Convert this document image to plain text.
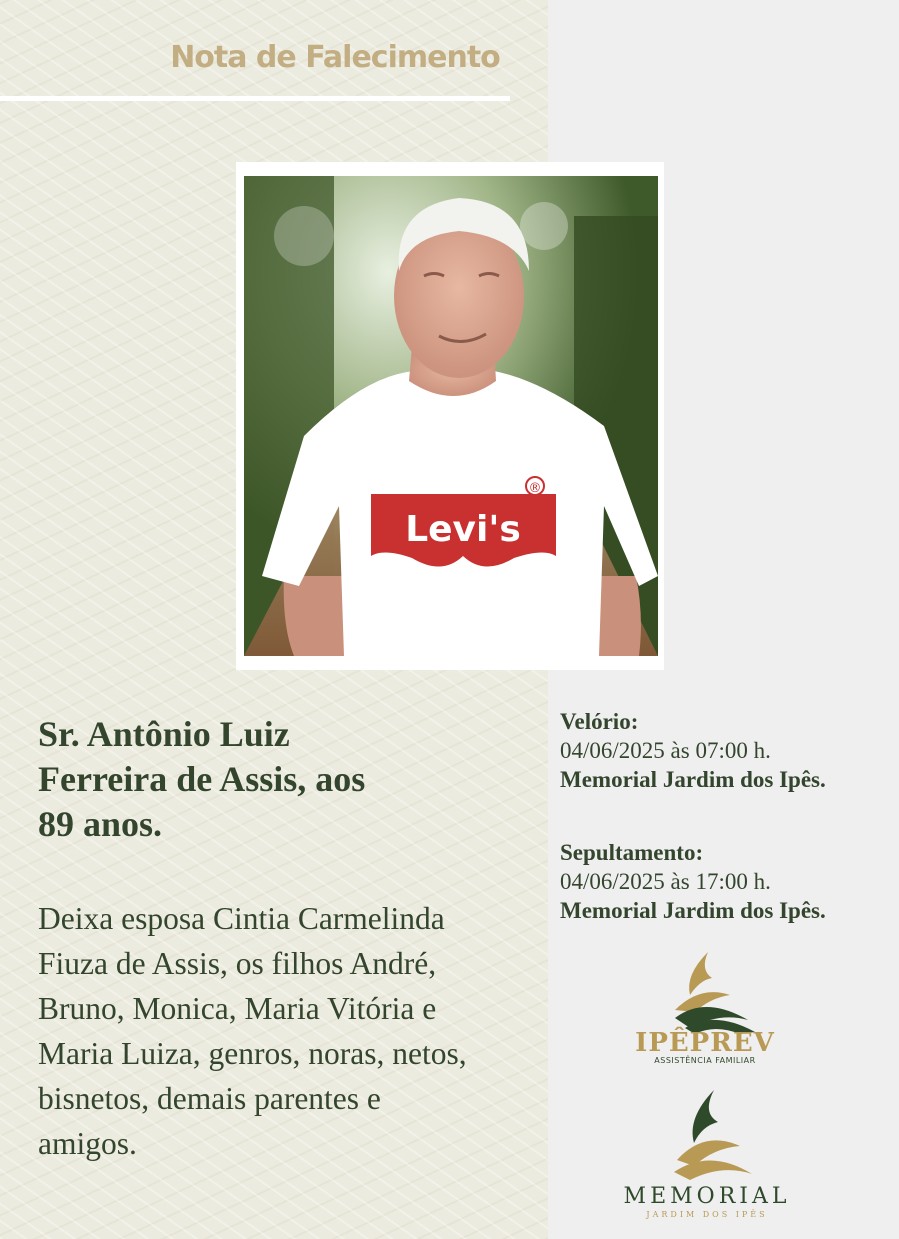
Nota de Falecimento
Levi's
®
Sr. Antônio Luiz
Ferreira de Assis, aos
89 anos.
Deixa esposa Cintia Carmelinda
Fiuza de Assis, os filhos André,
Bruno, Monica, Maria Vitória e
Maria Luiza, genros, noras, netos,
bisnetos, demais parentes e
amigos.
Velório:
04/06/2025 às 07:00 h.
Memorial Jardim dos Ipês.
Sepultamento:
04/06/2025 às 17:00 h.
Memorial Jardim dos Ipês.
IPÊPREV
ASSISTÊNCIA FAMILIAR
MEMORIAL
JARDIM DOS IPÊS
